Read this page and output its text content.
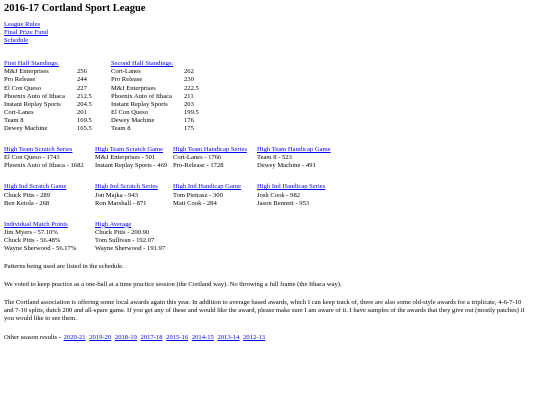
2016-17 Cortland Sport League
League Rules
Final Prize Fund
Schedule
First Half Standings:
M&J Enterprises	256
Pro Release	244
El Con Queso	227
Phoenix Auto of Ithaca	212.5
Instant Replay Sports	204.5
Cort-Lanes	201
Team 8	169.5
Dewey Machine	165.5
Second Half Standings:
Cort-Lanes	262
Pro Release	230
M&J Enterprises	222.5
Phoenix Auto of Ithaca	211
Instant Replay Sports	203
El Con Queso	199.5
Dewey Machine	176
Team 8	175
High Team Scratch Series
El Con Queso - 1743
Phoenix Auto of Ithaca - 1682
High Team Scratch Game
M&J Enterprises - 501
Instant Replay Sports - 469
High Team Handicap Series
Cort-Lanes - 1766
Pro-Release - 1728
High Team Handicap Game
Team 8 - 523
Dewey Machine - 491
High Ind Scratch Game
Chuck Pitts - 289
Ben Ketola - 268
High Ind Scratch Series
Jon Majka - 943
Ron Marshall - 871
High Ind Handicap Game
Tom Pietrasz - 300
Matt Cook - 284
High Ind Handicap Series
Josh Cook - 982
Jason Bennett - 953
Individual Match Points
Jim Myers - 57.10%
Chuck Pitts - 56.48%
Wayne Sherwood - 56.17%
High Average
Chuck Pitts - 200.90
Tom Sullivan - 192.07
Wayne Sherwood - 191.97

Patterns being used are listed in the schedule.

We voted to keep practice as a one-ball at a time practice session (the Cortland way). No throwing a full frame (the Ithaca way).

The Cortland association is offering some local awards again this year. In addition to average based awards, which I can keep track of, there are also some old-style awards for a triplicate, 4-6-7-10 and 7-10 splits, dutch 200 and all-spare game. If you get any of these and would like the award, please make sure I am aware of it. I have samples of the awards that they give out (mostly patches) if you would like to see them.

Other season results - 2020-21 2019-20 2018-19 2017-18 2015-16 2014-15 2013-14 2012-13
